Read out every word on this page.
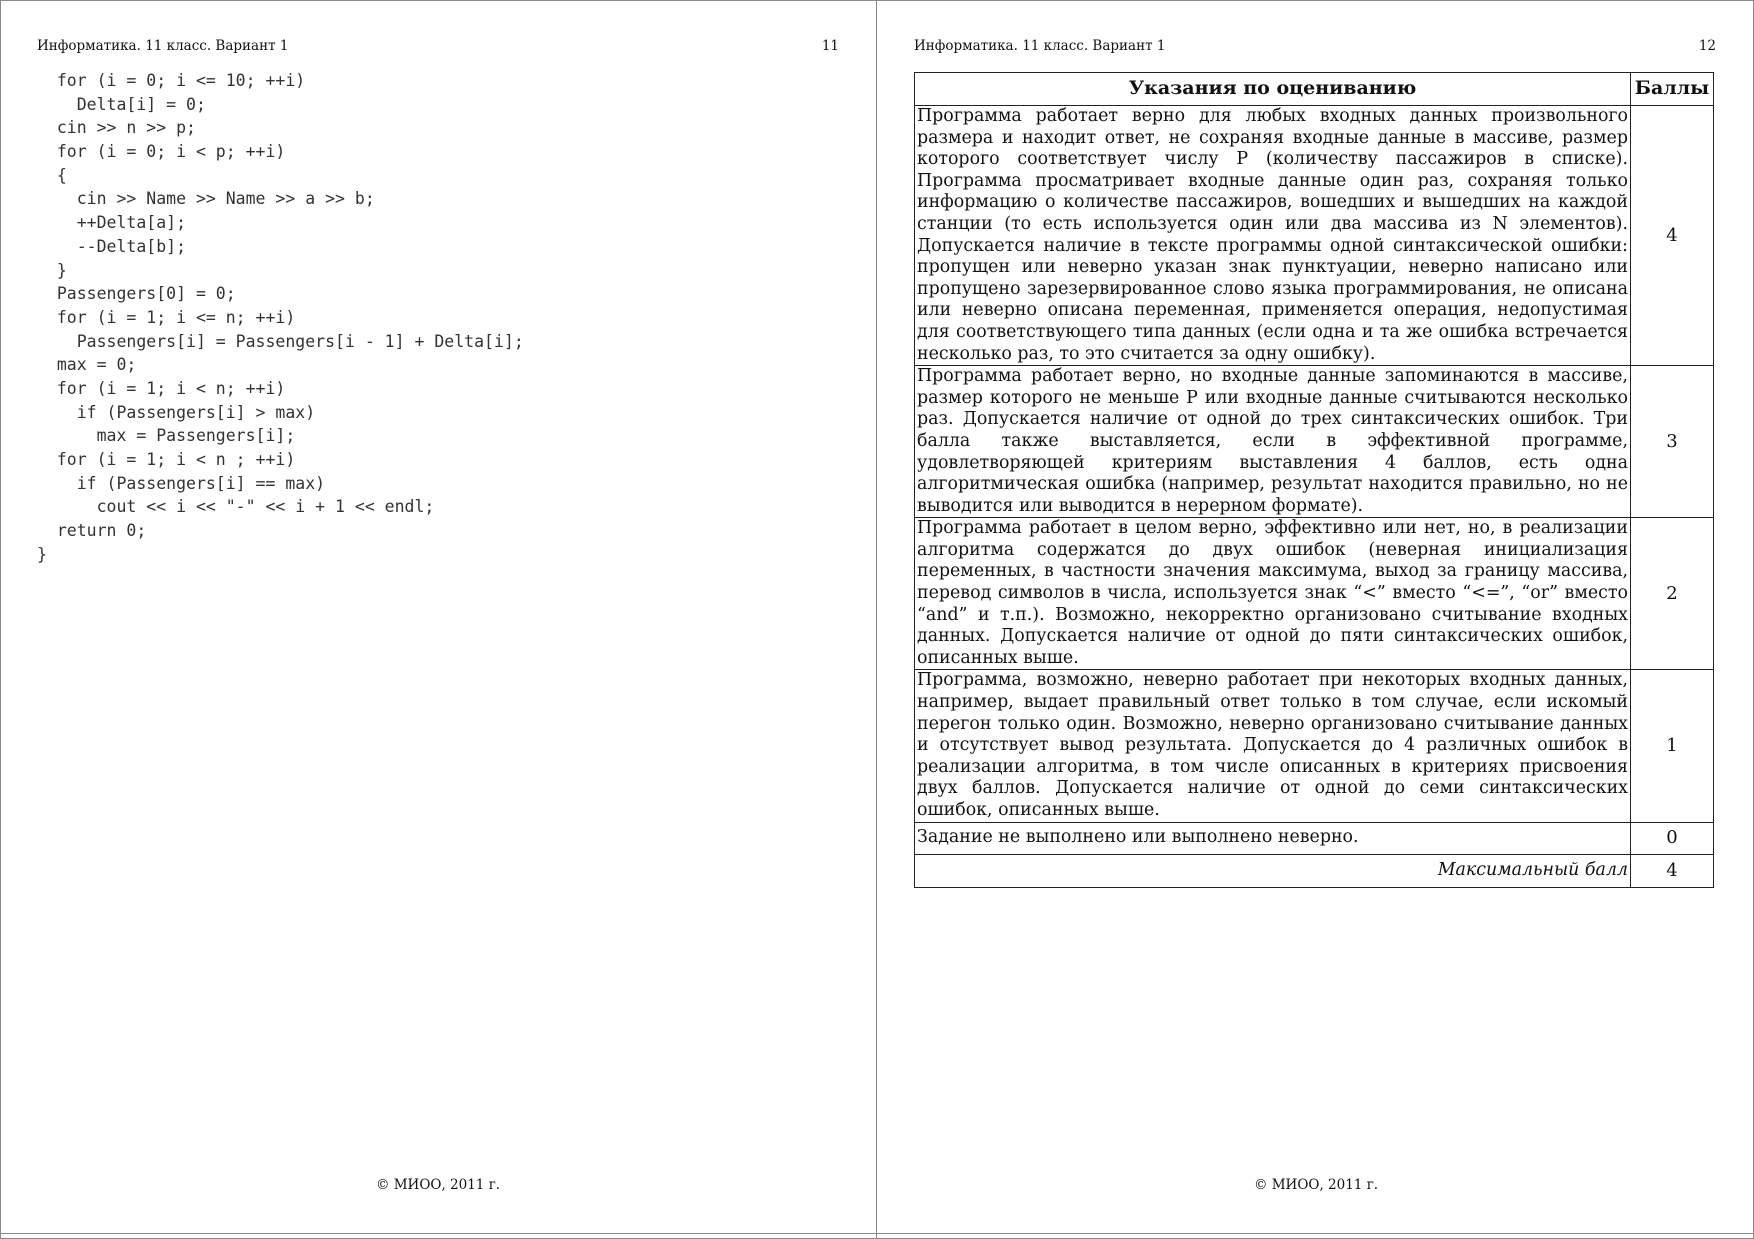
Информатика. 11 класс. Вариант 1	11
for (i = 0; i <= 10; ++i)
Delta[i] = 0;
cin >> n >> p;
for (i = 0; i < p; ++i)
{
cin >> Name >> Name >> a >> b;
++Delta[a];
--Delta[b];
}
Passengers[0] = 0;
for (i = 1; i <= n; ++i)
Passengers[i] = Passengers[i - 1] + Delta[i];
max = 0;
for (i = 1; i < n; ++i)
if (Passengers[i] > max)
max = Passengers[i];
for (i = 1; i < n ; ++i)
if (Passengers[i] == max)
cout << i << "-" << i + 1 << endl;
return 0;
}
© МИОО, 2011 г.
Информатика. 11 класс. Вариант 1	12
Указания по оцениванию	Баллы
Программа работает верно для любых входных данных произвольного размера и находит ответ, не сохраняя входные данные в массиве, размер которого соответствует числу P (количеству пассажиров в списке). Программа просматривает входные данные один раз, сохраняя только информацию о количестве пассажиров, вошедших и вышедших на каждой станции (то есть используется один или два массива из N элементов). Допускается наличие в тексте программы одной синтаксической ошибки: пропущен или неверно указан знак пунктуации, неверно написано или пропущено зарезервированное слово языка программирования, не описана или неверно описана переменная, применяется операция, недопустимая для соответствующего типа данных (если одна и та же ошибка встречается несколько раз, то это считается за одну ошибку).	4
Программа работает верно, но входные данные запоминаются в массиве, размер которого не меньше P или входные данные считываются несколько раз. Допускается наличие от одной до трех синтаксических ошибок. Три балла также выставляется, если в эффективной программе, удовлетворяющей критериям выставления 4 баллов, есть одна алгоритмическая ошибка (например, результат находится правильно, но не выводится или выводится в нерерном формате).	3
Программа работает в целом верно, эффективно или нет, но, в реализации алгоритма содержатся до двух ошибок (неверная инициализация переменных, в частности значения максимума, выход за границу массива, перевод символов в числа, используется знак “<” вместо “<=”, “or” вместо “and” и т.п.). Возможно, некорректно организовано считывание входных данных. Допускается наличие от одной до пяти синтаксических ошибок, описанных выше.	2
Программа, возможно, неверно работает при некоторых входных данных, например, выдает правильный ответ только в том случае, если искомый перегон только один. Возможно, неверно организовано считывание данных и отсутствует вывод результата. Допускается до 4 различных ошибок в реализации алгоритма, в том числе описанных в критериях присвоения двух баллов. Допускается наличие от одной до семи синтаксических ошибок, описанных выше.	1
Задание не выполнено или выполнено неверно.	0
Максимальный балл	4
© МИОО, 2011 г.
